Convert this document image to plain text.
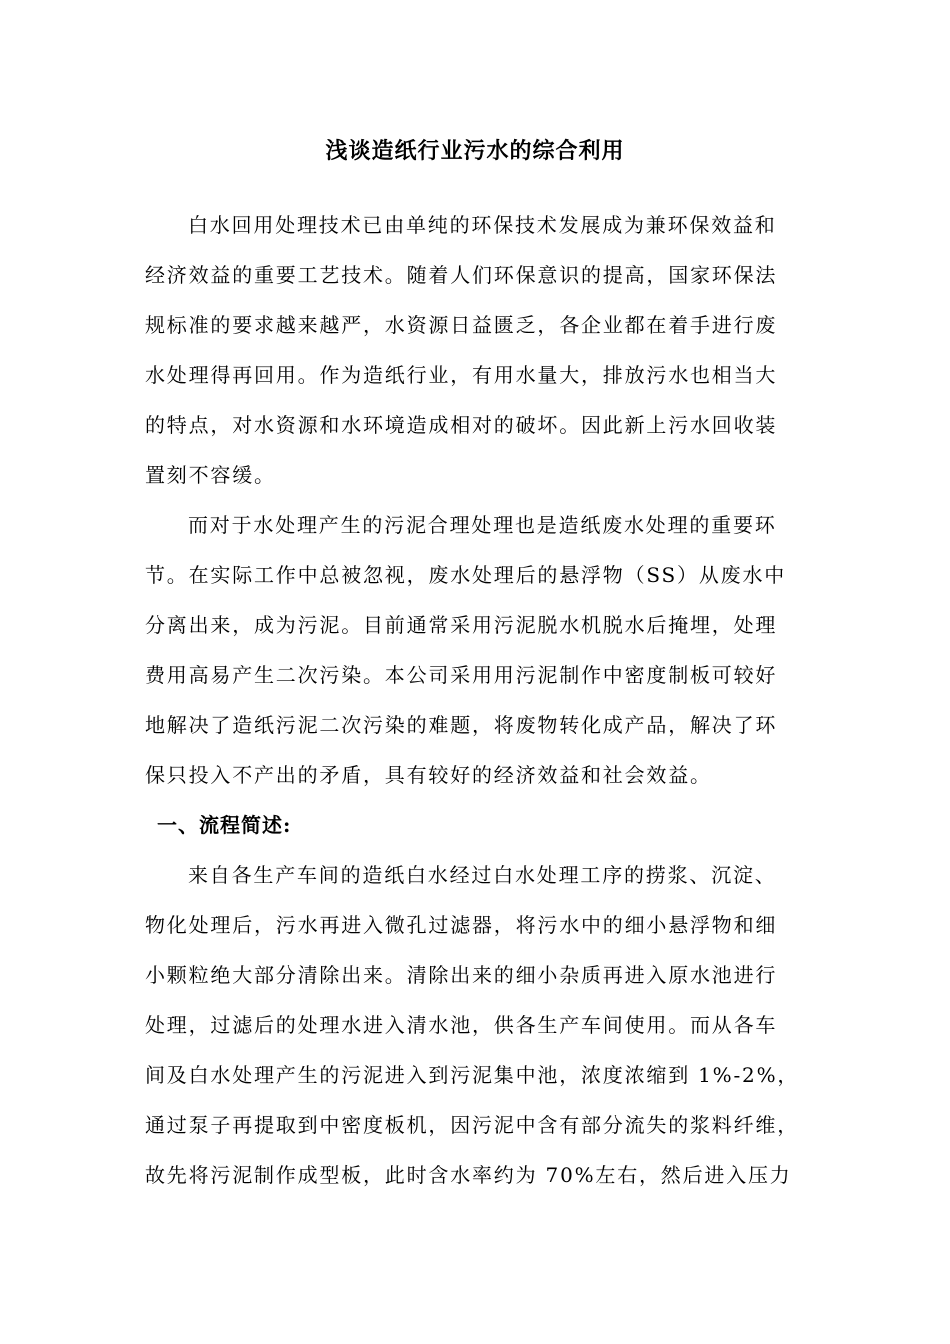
浅谈造纸行业污水的综合利用
白水回用处理技术已由单纯的环保技术发展成为兼环保效益和
经济效益的重要工艺技术。随着人们环保意识的提高，国家环保法
规标准的要求越来越严，水资源日益匮乏，各企业都在着手进行废
水处理得再回用。作为造纸行业，有用水量大，排放污水也相当大
的特点，对水资源和水环境造成相对的破坏。因此新上污水回收装
置刻不容缓。
而对于水处理产生的污泥合理处理也是造纸废水处理的重要环
节。在实际工作中总被忽视，废水处理后的悬浮物（SS）从废水中
分离出来，成为污泥。目前通常采用污泥脱水机脱水后掩埋，处理
费用高易产生二次污染。本公司采用用污泥制作中密度制板可较好
地解决了造纸污泥二次污染的难题，将废物转化成产品，解决了环
保只投入不产出的矛盾，具有较好的经济效益和社会效益。
一、流程简述:
来自各生产车间的造纸白水经过白水处理工序的捞浆、沉淀、
物化处理后，污水再进入微孔过滤器，将污水中的细小悬浮物和细
小颗粒绝大部分清除出来。清除出来的细小杂质再进入原水池进行
处理，过滤后的处理水进入清水池，供各生产车间使用。而从各车
间及白水处理产生的污泥进入到污泥集中池，浓度浓缩到 1%-2%，
通过泵子再提取到中密度板机，因污泥中含有部分流失的浆料纤维，
故先将污泥制作成型板，此时含水率约为 70%左右，然后进入压力
